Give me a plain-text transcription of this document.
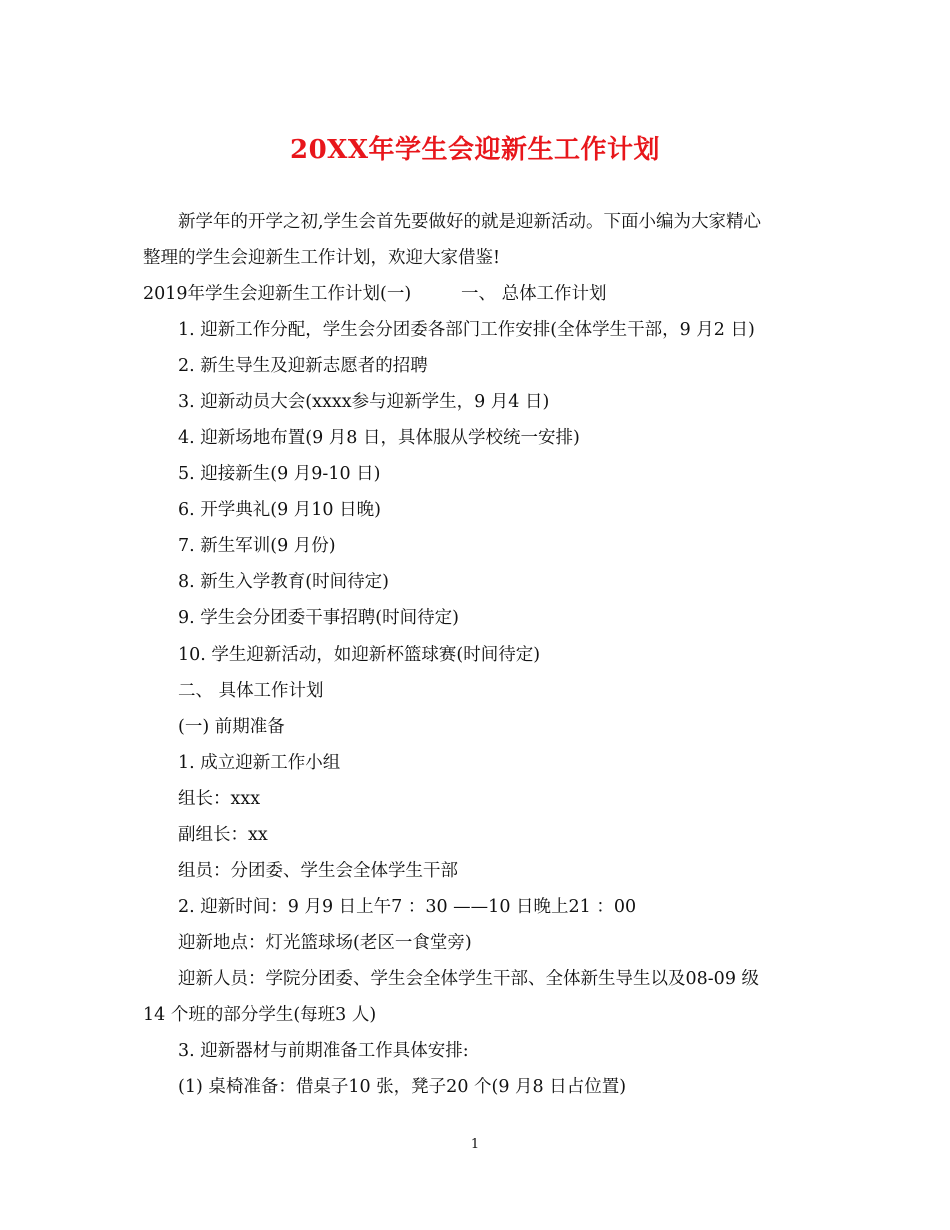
20XX年学生会迎新生工作计划
新学年的开学之初,学生会首先要做好的就是迎新活动。下面小编为大家精心
整理的学生会迎新生工作计划，欢迎大家借鉴!
2019年学生会迎新生工作计划(一)	一、 总体工作计划
1. 迎新工作分配，学生会分团委各部门工作安排(全体学生干部，9 月2 日)
2. 新生导生及迎新志愿者的招聘
3. 迎新动员大会(xxxx参与迎新学生，9 月4 日)
4. 迎新场地布置(9 月8 日，具体服从学校统一安排)
5. 迎接新生(9 月9-10 日)
6. 开学典礼(9 月10 日晚)
7. 新生军训(9 月份)
8. 新生入学教育(时间待定)
9. 学生会分团委干事招聘(时间待定)
10. 学生迎新活动，如迎新杯篮球赛(时间待定)
二、 具体工作计划
(一) 前期准备
1. 成立迎新工作小组
组长：xxx
副组长：xx
组员：分团委、学生会全体学生干部
2. 迎新时间：9 月9 日上午7 ：30 ——10 日晚上21 ：00
迎新地点：灯光篮球场(老区一食堂旁)
迎新人员：学院分团委、学生会全体学生干部、全体新生导生以及08-09 级
14 个班的部分学生(每班3 人)
3. 迎新器材与前期准备工作具体安排:
(1) 桌椅准备：借桌子10 张，凳子20 个(9 月8 日占位置)
1
